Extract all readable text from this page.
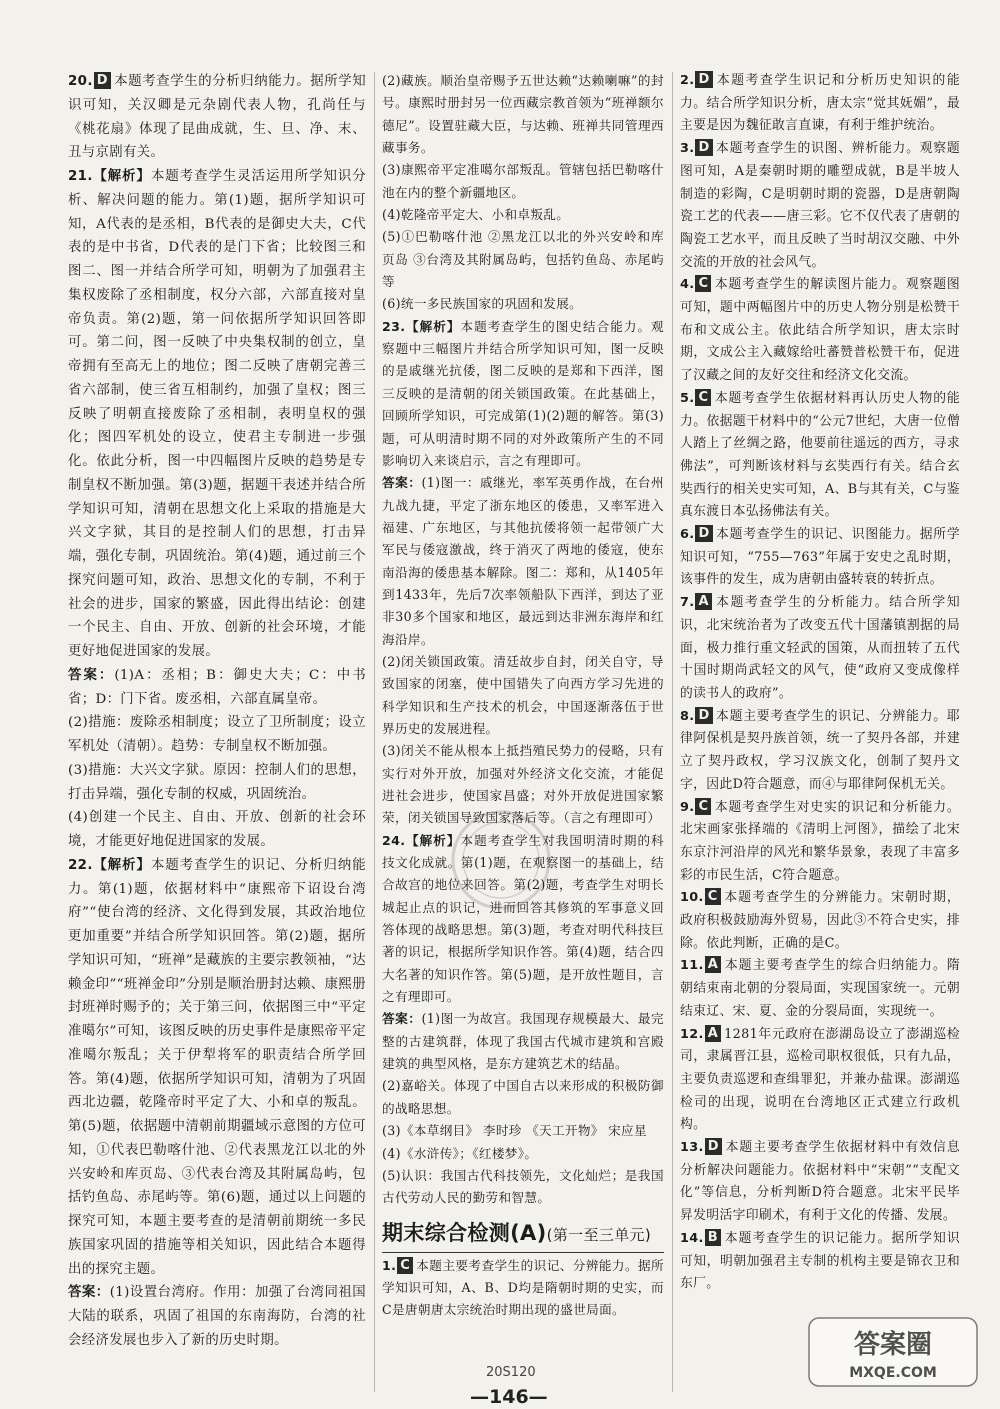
20. D 本题考查学生的分析归纳能力。据所学知识可知，关汉卿是元杂剧代表人物，孔尚任与《桃花扇》体现了昆曲成就，生、旦、净、末、丑与京剧有关。
21.【解析】本题考查学生灵活运用所学知识分析、解决问题的能力。第(1)题，据所学知识可知，A代表的是丞相，B代表的是御史大夫，C代表的是中书省，D代表的是门下省；比较图三和图二、图一并结合所学可知，明朝为了加强君主集权废除了丞相制度，权分六部，六部直接对皇帝负责。第(2)题，第一问依据所学知识回答即可。第二问，图一反映了中央集权制的创立，皇帝拥有至高无上的地位；图二反映了唐朝完善三省六部制，使三省互相制约，加强了皇权；图三反映了明朝直接废除了丞相制，表明皇权的强化；图四军机处的设立，使君主专制进一步强化。依此分析，图一中四幅图片反映的趋势是专制皇权不断加强。第(3)题，据题干表述并结合所学知识可知，清朝在思想文化上采取的措施是大兴文字狱，其目的是控制人们的思想，打击异端，强化专制，巩固统治。第(4)题，通过前三个探究问题可知，政治、思想文化的专制，不利于社会的进步，国家的繁盛，因此得出结论：创建一个民主、自由、开放、创新的社会环境，才能更好地促进国家的发展。
答案：(1)A：丞相；B：御史大夫；C：中书省；D：门下省。废丞相，六部直属皇帝。
(2)措施：废除丞相制度；设立了卫所制度；设立军机处（清朝）。趋势：专制皇权不断加强。
(3)措施：大兴文字狱。原因：控制人们的思想，打击异端，强化专制的权威，巩固统治。
(4)创建一个民主、自由、开放、创新的社会环境，才能更好地促进国家的发展。
22.【解析】本题考查学生的识记、分析归纳能力。第(1)题，依据材料中“康熙帝下诏设台湾府”“使台湾的经济、文化得到发展，其政治地位更加重要”并结合所学知识回答。第(2)题，据所学知识可知，“班禅”是藏族的主要宗教领袖，“达赖金印”“班禅金印”分别是顺治册封达赖、康熙册封班禅时赐予的；关于第三问，依据图三中“平定准噶尔”可知，该图反映的历史事件是康熙帝平定准噶尔叛乱；关于伊犁将军的职责结合所学回答。第(4)题，依据所学知识可知，清朝为了巩固西北边疆，乾隆帝时平定了大、小和卓的叛乱。第(5)题，依据题中清朝前期疆域示意图的方位可知，①代表巴勒喀什池、②代表黑龙江以北的外兴安岭和库页岛、③代表台湾及其附属岛屿，包括钓鱼岛、赤尾屿等。第(6)题，通过以上问题的探究可知，本题主要考查的是清朝前期统一多民族国家巩固的措施等相关知识，因此结合本题得出的探究主题。
答案：(1)设置台湾府。作用：加强了台湾同祖国大陆的联系，巩固了祖国的东南海防，台湾的社会经济发展也步入了新的历史时期。
(2)藏族。顺治皇帝赐予五世达赖“达赖喇嘛”的封号。康熙时册封另一位西藏宗教首领为“班禅额尔德尼”。设置驻藏大臣，与达赖、班禅共同管理西藏事务。
(3)康熙帝平定准噶尔部叛乱。管辖包括巴勒喀什池在内的整个新疆地区。
(4)乾隆帝平定大、小和卓叛乱。
(5)①巴勒喀什池 ②黑龙江以北的外兴安岭和库页岛 ③台湾及其附属岛屿，包括钓鱼岛、赤尾屿等
(6)统一多民族国家的巩固和发展。
23.【解析】本题考查学生的图史结合能力。观察题中三幅图片并结合所学知识可知，图一反映的是戚继光抗倭，图二反映的是郑和下西洋，图三反映的是清朝的闭关锁国政策。在此基础上，回顾所学知识，可完成第(1)(2)题的解答。第(3)题，可从明清时期不同的对外政策所产生的不同影响切入来谈启示，言之有理即可。
答案：(1)图一：戚继光，率军英勇作战，在台州九战九捷，平定了浙东地区的倭患，又率军进入福建、广东地区，与其他抗倭将领一起带领广大军民与倭寇激战，终于消灭了两地的倭寇，使东南沿海的倭患基本解除。图二：郑和，从1405年到1433年，先后7次率领船队下西洋，到达了亚非30多个国家和地区，最远到达非洲东海岸和红海沿岸。
(2)闭关锁国政策。清廷故步自封，闭关自守，导致国家的闭塞，使中国错失了向西方学习先进的科学知识和生产技术的机会，中国逐渐落伍于世界历史的发展进程。
(3)闭关不能从根本上抵挡殖民势力的侵略，只有实行对外开放，加强对外经济文化交流，才能促进社会进步，使国家昌盛；对外开放促进国家繁荣，闭关锁国导致国家落后等。（言之有理即可）
24.【解析】本题考查学生对我国明清时期的科技文化成就。第(1)题，在观察图一的基础上，结合故宫的地位来回答。第(2)题，考查学生对明长城起止点的识记，进而回答其修筑的军事意义回答体现的战略思想。第(3)题，考查对明代科技巨著的识记，根据所学知识作答。第(4)题，结合四大名著的知识作答。第(5)题，是开放性题目，言之有理即可。
答案：(1)图一为故宫。我国现存规模最大、最完整的古建筑群，体现了我国古代城市建筑和宫殿建筑的典型风格，是东方建筑艺术的结晶。
(2)嘉峪关。体现了中国自古以来形成的积极防御的战略思想。
(3)《本草纲目》 李时珍 《天工开物》 宋应星
(4)《水浒传》；《红楼梦》。
(5)认识：我国古代科技领先，文化灿烂；是我国古代劳动人民的勤劳和智慧。
期末综合检测(A)(第一至三单元)
1. C 本题主要考查学生的识记、分辨能力。据所学知识可知，A、B、D均是隋朝时期的史实，而C是唐朝唐太宗统治时期出现的盛世局面。
2. D 本题考查学生识记和分析历史知识的能力。结合所学知识分析，唐太宗“觉其妩媚”，最主要是因为魏征敢言直谏，有利于维护统治。
3. D 本题考查学生的识图、辨析能力。观察题图可知，A是秦朝时期的雕塑成就，B是半坡人制造的彩陶，C是明朝时期的瓷器，D是唐朝陶瓷工艺的代表——唐三彩。它不仅代表了唐朝的陶瓷工艺水平，而且反映了当时胡汉交融、中外交流的开放的社会风气。
4. C 本题考查学生的解读图片能力。观察题图可知，题中两幅图片中的历史人物分别是松赞干布和文成公主。依此结合所学知识，唐太宗时期，文成公主入藏嫁给吐蕃赞普松赞干布，促进了汉藏之间的友好交往和经济文化交流。
5. C 本题考查学生依据材料再认历史人物的能力。依据题干材料中的“公元7世纪，大唐一位僧人踏上了丝绸之路，他要前往遥远的西方，寻求佛法”，可判断该材料与玄奘西行有关。结合玄奘西行的相关史实可知，A、B与其有关，C与鉴真东渡日本弘扬佛法有关。
6. D 本题考查学生的识记、识图能力。据所学知识可知，“755—763”年属于安史之乱时期，该事件的发生，成为唐朝由盛转衰的转折点。
7. A 本题考查学生的分析能力。结合所学知识，北宋统治者为了改变五代十国藩镇割据的局面，极力推行重文轻武的国策，从而扭转了五代十国时期尚武轻文的风气，使“政府又变成像样的读书人的政府”。
8. D 本题主要考查学生的识记、分辨能力。耶律阿保机是契丹族首领，统一了契丹各部，并建立了契丹政权，学习汉族文化，创制了契丹文字，因此D符合题意，而④与耶律阿保机无关。
9. C 本题考查学生对史实的识记和分析能力。北宋画家张择端的《清明上河图》，描绘了北宋东京汴河沿岸的风光和繁华景象，表现了丰富多彩的市民生活，C符合题意。
10. C 本题考查学生的分辨能力。宋朝时期，政府积极鼓励海外贸易，因此③不符合史实，排除。依此判断，正确的是C。
11. A 本题主要考查学生的综合归纳能力。隋朝结束南北朝的分裂局面，实现国家统一。元朝结束辽、宋、夏、金的分裂局面，实现统一。
12. A 1281年元政府在澎湖岛设立了澎湖巡检司，隶属晋江县，巡检司职权很低，只有九品，主要负责巡逻和查缉罪犯，并兼办盐课。澎湖巡检司的出现，说明在台湾地区正式建立行政机构。
13. D 本题主要考查学生依据材料中有效信息分析解决问题能力。依据材料中“宋朝”“支配文化”等信息，分析判断D符合题意。北宋平民毕昇发明活字印刷术，有利于文化的传播、发展。
14. B 本题考查学生的识记能力。据所学知识可知，明朝加强君主专制的机构主要是锦衣卫和东厂。
20S120
—146—
答案圈
MXQE.COM
